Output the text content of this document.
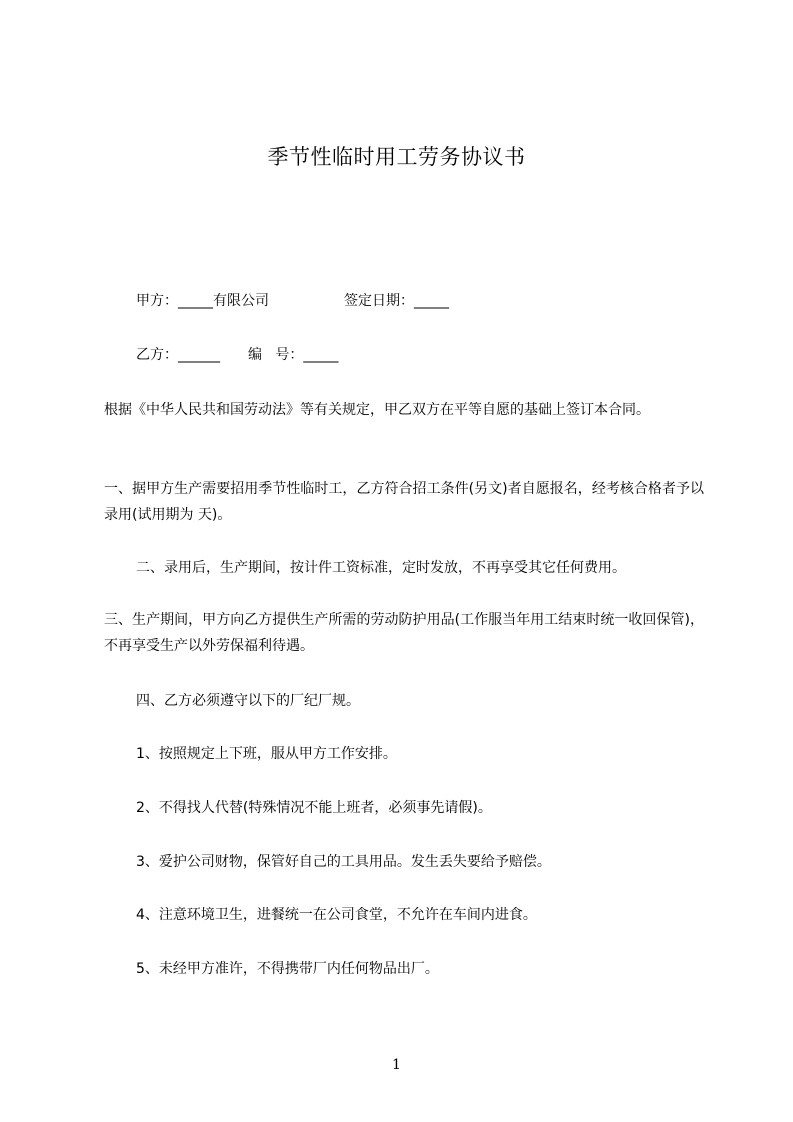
季节性临时用工劳务协议书
甲方：_____有限公司	签定日期：_____
乙方：______ 编   号：_____
根据《中华人民共和国劳动法》等有关规定，甲乙双方在平等自愿的基础上签订本合同。
一、据甲方生产需要招用季节性临时工，乙方符合招工条件(另文)者自愿报名，经考核合格者予以录用(试用期为 天)。
二、录用后，生产期间，按计件工资标准，定时发放，不再享受其它任何费用。
三、生产期间，甲方向乙方提供生产所需的劳动防护用品(工作服当年用工结束时统一收回保管)，不再享受生产以外劳保福利待遇。
四、乙方必须遵守以下的厂纪厂规。
1、按照规定上下班，服从甲方工作安排。
2、不得找人代替(特殊情况不能上班者，必须事先请假)。
3、爱护公司财物，保管好自己的工具用品。发生丢失要给予赔偿。
4、注意环境卫生，进餐统一在公司食堂，不允许在车间内进食。
5、未经甲方准许，不得携带厂内任何物品出厂。
1
